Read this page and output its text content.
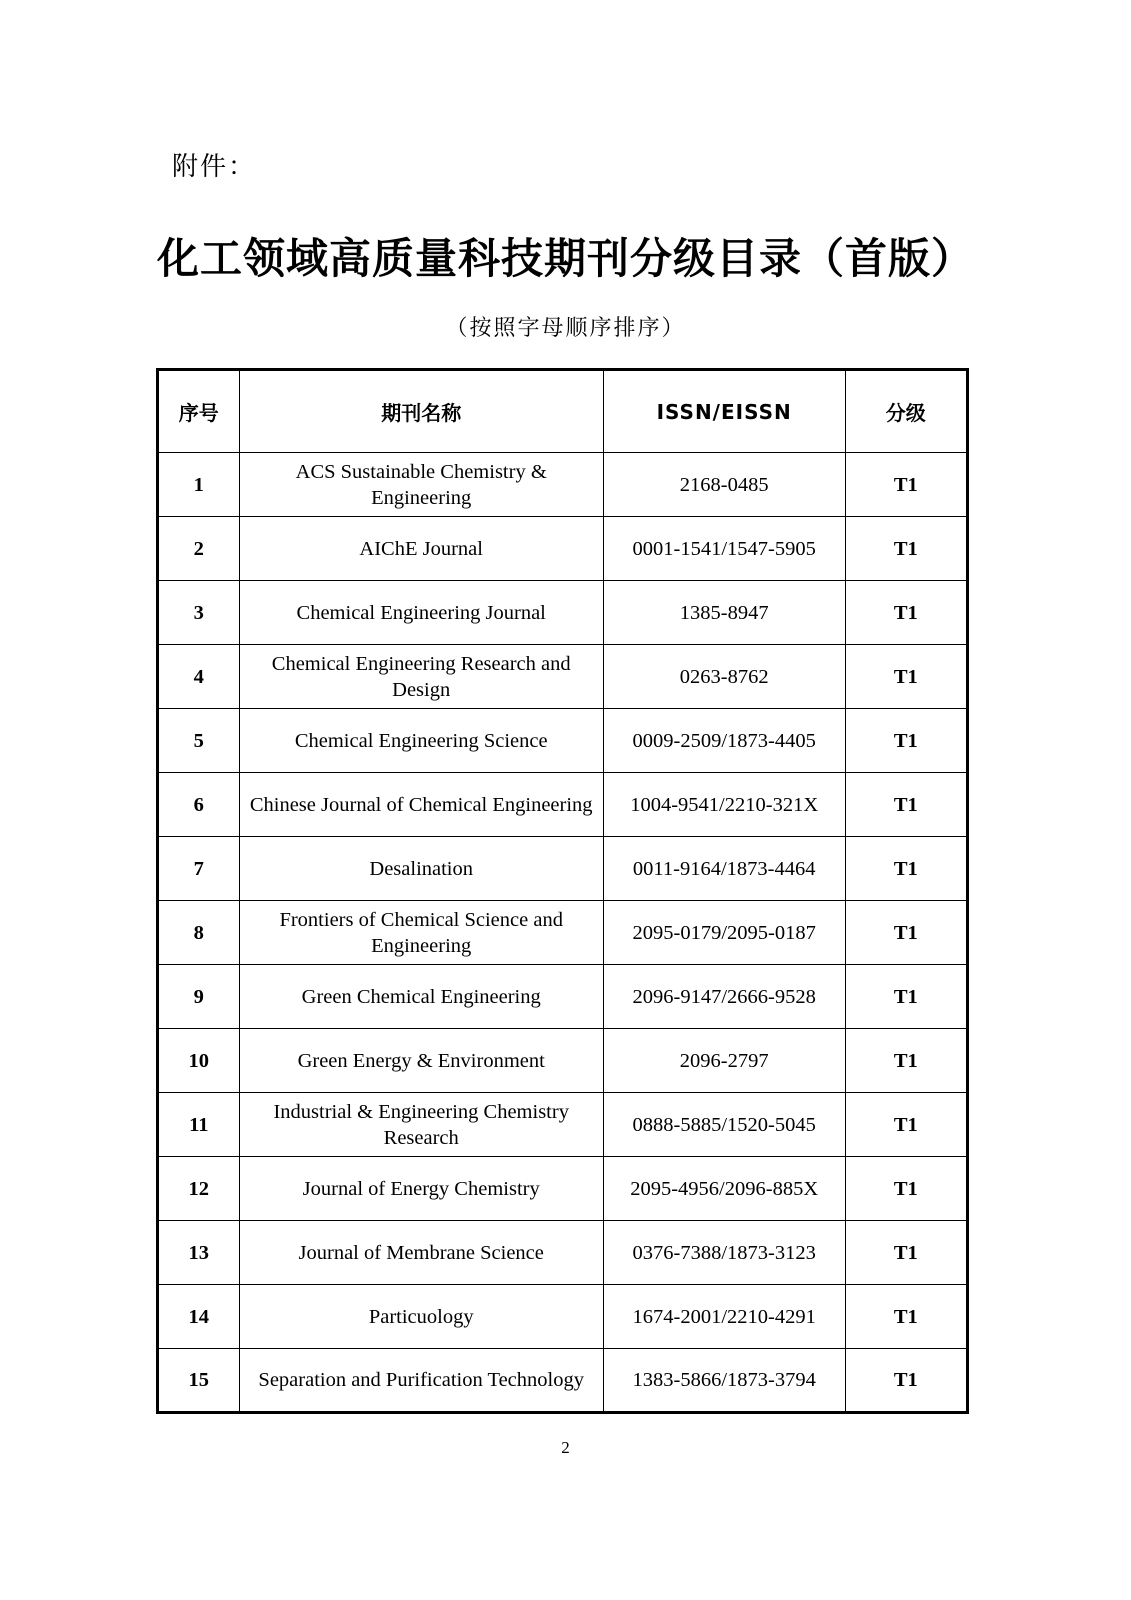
附件：
化工领域高质量科技期刊分级目录（首版）
（按照字母顺序排序）
序号	期刊名称	ISSN/EISSN	分级
1	ACS Sustainable Chemistry & Engineering	2168-0485	T1
2	AIChE Journal	0001-1541/1547-5905	T1
3	Chemical Engineering Journal	1385-8947	T1
4	Chemical Engineering Research and Design	0263-8762	T1
5	Chemical Engineering Science	0009-2509/1873-4405	T1
6	Chinese Journal of Chemical Engineering	1004-9541/2210-321X	T1
7	Desalination	0011-9164/1873-4464	T1
8	Frontiers of Chemical Science and Engineering	2095-0179/2095-0187	T1
9	Green Chemical Engineering	2096-9147/2666-9528	T1
10	Green Energy & Environment	2096-2797	T1
11	Industrial & Engineering Chemistry Research	0888-5885/1520-5045	T1
12	Journal of Energy Chemistry	2095-4956/2096-885X	T1
13	Journal of Membrane Science	0376-7388/1873-3123	T1
14	Particuology	1674-2001/2210-4291	T1
15	Separation and Purification Technology	1383-5866/1873-3794	T1
2
